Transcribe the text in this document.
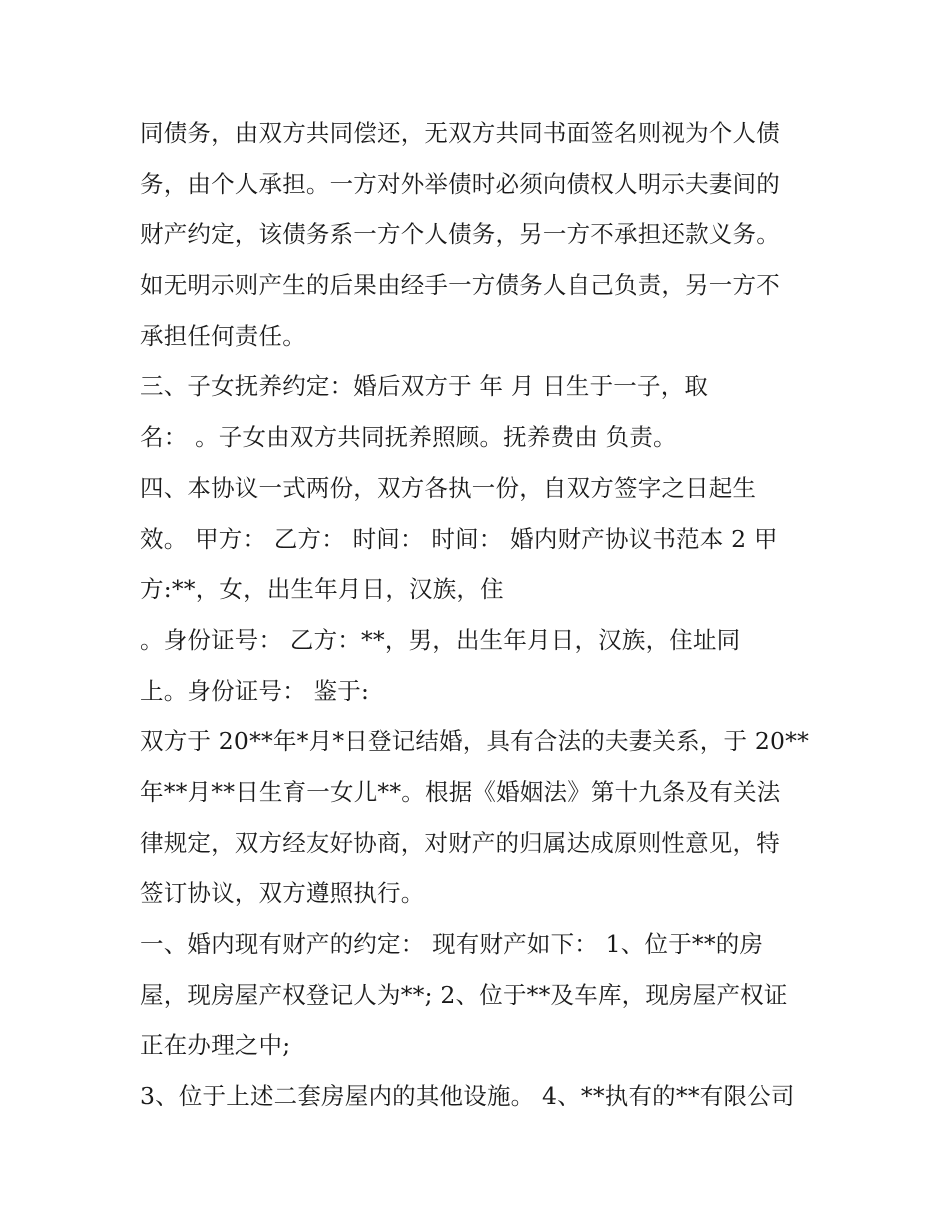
同债务，由双方共同偿还，无双方共同书面签名则视为个人债
务，由个人承担。一方对外举债时必须向债权人明示夫妻间的
财产约定，该债务系一方个人债务，另一方不承担还款义务。
如无明示则产生的后果由经手一方债务人自己负责，另一方不
承担任何责任。
三、子女抚养约定：婚后双方于 年 月 日生于一子，取
名： 。子女由双方共同抚养照顾。抚养费由 负责。
四、本协议一式两份，双方各执一份，自双方签字之日起生
效。 甲方： 乙方： 时间： 时间： 婚内财产协议书范本 2 甲
方:**，女，出生年月日，汉族，住
。身份证号： 乙方：**，男，出生年月日，汉族，住址同
上。身份证号： 鉴于:
双方于 20**年*月*日登记结婚，具有合法的夫妻关系，于 20**
年**月**日生育一女儿**。根据《婚姻法》第十九条及有关法
律规定，双方经友好协商，对财产的归属达成原则性意见，特
签订协议，双方遵照执行。
一、婚内现有财产的约定： 现有财产如下： 1、位于**的房
屋，现房屋产权登记人为**; 2、位于**及车库，现房屋产权证
正在办理之中;
3、位于上述二套房屋内的其他设施。 4、**执有的**有限公司
